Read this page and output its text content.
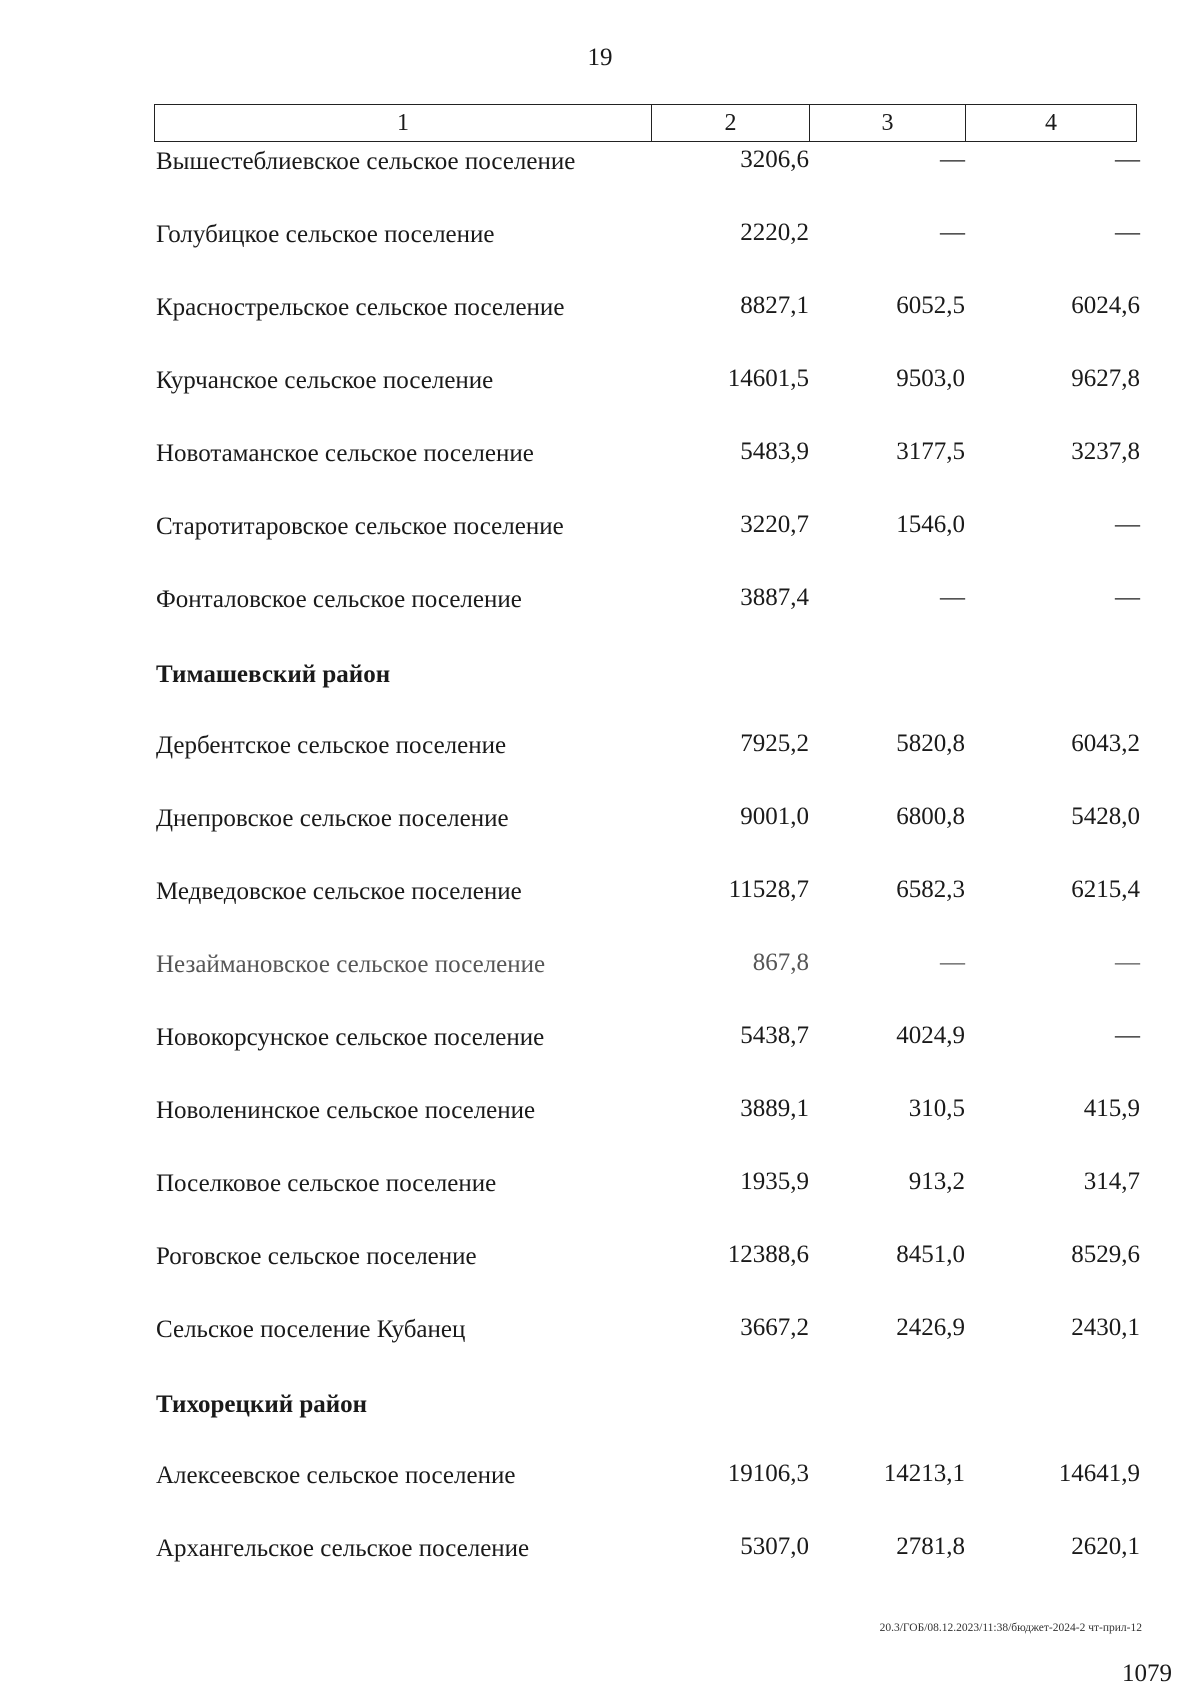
19
1	2	3	4
Вышестеблиевское сельское поселение	3206,6	—	—
Голубицкое сельское поселение	2220,2	—	—
Красностpельское сельское поселение	8827,1	6052,5	6024,6
Курчанское сельское поселение	14601,5	9503,0	9627,8
Новотаманское сельское поселение	5483,9	3177,5	3237,8
Старотитаровское сельское поселение	3220,7	1546,0	—
Фонталовское сельское поселение	3887,4	—	—
Тимашевский район
Дербентское сельское поселение	7925,2	5820,8	6043,2
Днепровское сельское поселение	9001,0	6800,8	5428,0
Медведовское сельское поселение	11528,7	6582,3	6215,4
Незаймановское сельское поселение	867,8	—	—
Новокорсунское сельское поселение	5438,7	4024,9	—
Новоленинское сельское поселение	3889,1	310,5	415,9
Поселковое сельское поселение	1935,9	913,2	314,7
Роговское сельское поселение	12388,6	8451,0	8529,6
Сельское поселение Кубанец	3667,2	2426,9	2430,1
Тихорецкий район
Алексеевское сельское поселение	19106,3	14213,1	14641,9
Архангельское сельское поселение	5307,0	2781,8	2620,1
20.3/ГОБ/08.12.2023/11:38/бюджет-2024-2 чт-прил-12
1079
